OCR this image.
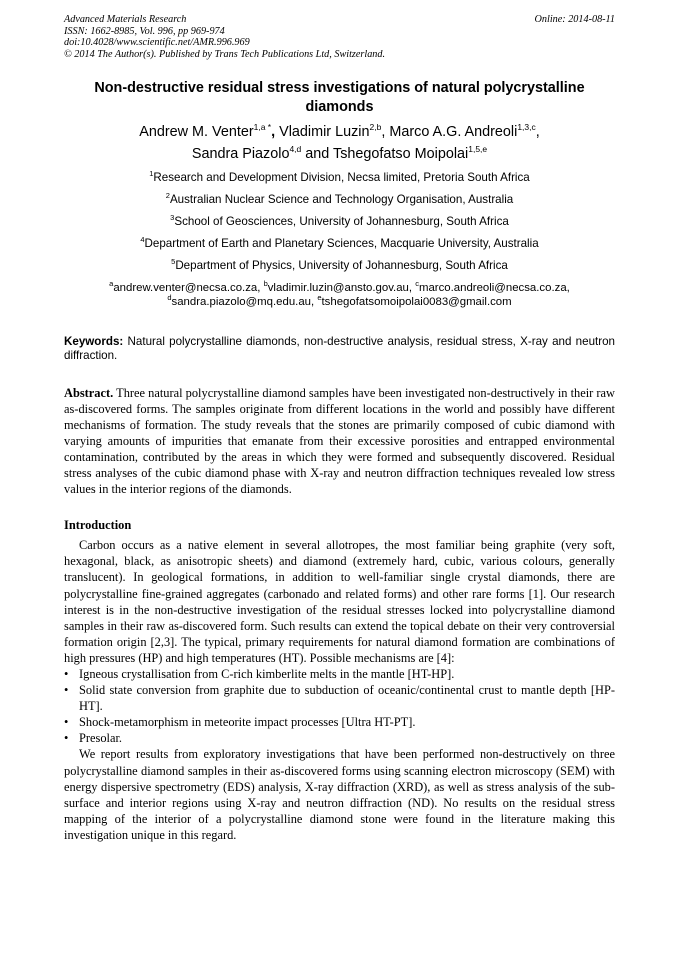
Advanced Materials Research	Online: 2014-08-11
ISSN: 1662-8985, Vol. 996, pp 969-974
doi:10.4028/www.scientific.net/AMR.996.969
© 2014 The Author(s). Published by Trans Tech Publications Ltd, Switzerland.
Non-destructive residual stress investigations of natural polycrystalline diamonds
Andrew M. Venter$^{1,a *}$, Vladimir Luzin$^{2,b}$, Marco A.G. Andreoli$^{1,3,c}$,
Sandra Piazolo$^{4,d}$ and Tshegofatso Moipolai$^{1,5,e}$
$^1$Research and Development Division, Necsa limited, Pretoria South Africa
$^2$Australian Nuclear Science and Technology Organisation, Australia
$^3$School of Geosciences, University of Johannesburg, South Africa
$^4$Department of Earth and Planetary Sciences, Macquarie University, Australia
$^5$Department of Physics, University of Johannesburg, South Africa
$^a$andrew.venter@necsa.co.za, $^b$vladimir.luzin@ansto.gov.au, $^c$marco.andreoli@necsa.co.za,
$^d$sandra.piazolo@mq.edu.au, $^e$tshegofatsomoipolai0083@gmail.com
Keywords: Natural polycrystalline diamonds, non-destructive analysis, residual stress, X-ray and neutron diffraction.
Abstract. Three natural polycrystalline diamond samples have been investigated non-destructively in their raw as-discovered forms. The samples originate from different locations in the world and possibly have different mechanisms of formation. The study reveals that the stones are primarily composed of cubic diamond with varying amounts of impurities that emanate from their excessive porosities and entrapped environmental contamination, contributed by the areas in which they were formed and subsequently discovered. Residual stress analyses of the cubic diamond phase with X-ray and neutron diffraction techniques revealed low stress values in the interior regions of the diamonds.
Introduction
Carbon occurs as a native element in several allotropes, the most familiar being graphite (very soft, hexagonal, black, as anisotropic sheets) and diamond (extremely hard, cubic, various colours, generally translucent). In geological formations, in addition to well-familiar single crystal diamonds, there are polycrystalline fine-grained aggregates (carbonado and related forms) and other rare forms [1]. Our research interest is in the non-destructive investigation of the residual stresses locked into polycrystalline diamond samples in their raw as-discovered form. Such results can extend the topical debate on their very controversial formation origin [2,3]. The typical, primary requirements for natural diamond formation are combinations of high pressures (HP) and high temperatures (HT). Possible mechanisms are [4]:
• Igneous crystallisation from C-rich kimberlite melts in the mantle [HT-HP].
• Solid state conversion from graphite due to subduction of oceanic/continental crust to mantle depth [HP-HT].
• Shock-metamorphism in meteorite impact processes [Ultra HT-PT].
• Presolar.
We report results from exploratory investigations that have been performed non-destructively on three polycrystalline diamond samples in their as-discovered forms using scanning electron microscopy (SEM) with energy dispersive spectrometry (EDS) analysis, X-ray diffraction (XRD), as well as stress analysis of the sub-surface and interior regions using X-ray and neutron diffraction (ND). No results on the residual stress mapping of the interior of a polycrystalline diamond stone were found in the literature making this investigation unique in this regard.
